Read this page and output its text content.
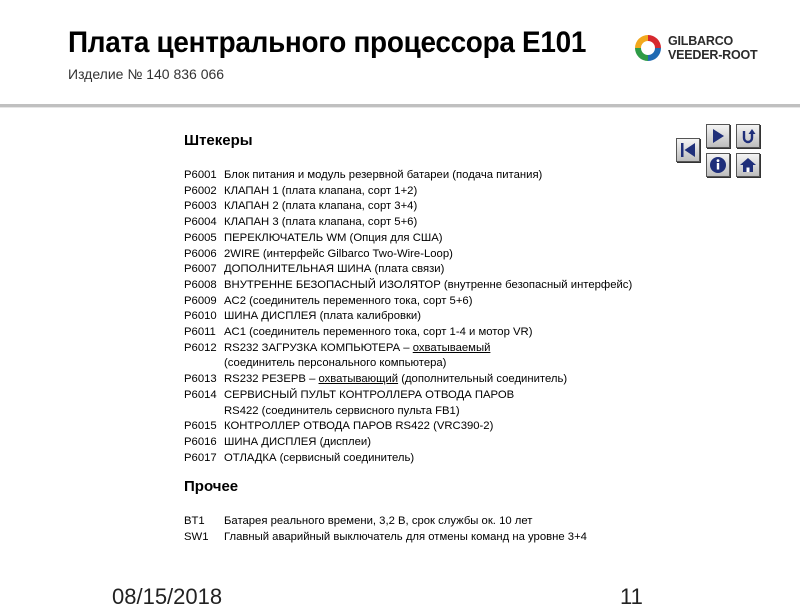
Плата центрального процессора E101
Изделие № 140 836 066
GILBARCO
VEEDER-ROOT
Штекеры
P6001 Блок питания и модуль резервной батареи (подача питания)
P6002 КЛАПАН 1 (плата клапана, сорт 1+2)
P6003 КЛАПАН 2 (плата клапана, сорт 3+4)
P6004 КЛАПАН 3 (плата клапана, сорт 5+6)
P6005 ПЕРЕКЛЮЧАТЕЛЬ WM (Опция для США)
P6006 2WIRE (интерфейс Gilbarco Two-Wire-Loop)
P6007 ДОПОЛНИТЕЛЬНАЯ ШИНА (плата связи)
P6008 ВНУТРЕННЕ БЕЗОПАСНЫЙ ИЗОЛЯТОР (внутренне безопасный интерфейс)
P6009 AC2 (соединитель переменного тока, сорт 5+6)
P6010 ШИНА ДИСПЛЕЯ (плата калибровки)
P6011 AC1 (соединитель переменного тока, сорт 1-4 и мотор VR)
P6012 RS232 ЗАГРУЗКА КОМПЬЮТЕРА – охватываемый
(соединитель персонального компьютера)
P6013 RS232 РЕЗЕРВ – охватывающий (дополнительный соединитель)
P6014 СЕРВИСНЫЙ ПУЛЬТ КОНТРОЛЛЕРА ОТВОДА ПАРОВ
RS422 (соединитель сервисного пульта FB1)
P6015 КОНТРОЛЛЕР ОТВОДА ПАРОВ RS422 (VRC390-2)
P6016 ШИНА ДИСПЛЕЯ (дисплеи)
P6017 ОТЛАДКА (сервисный соединитель)
Прочее
BT1	Батарея реального времени, 3,2 В, срок службы ок. 10 лет
SW1	Главный аварийный выключатель для отмены команд на уровне 3+4
08/15/2018	11
